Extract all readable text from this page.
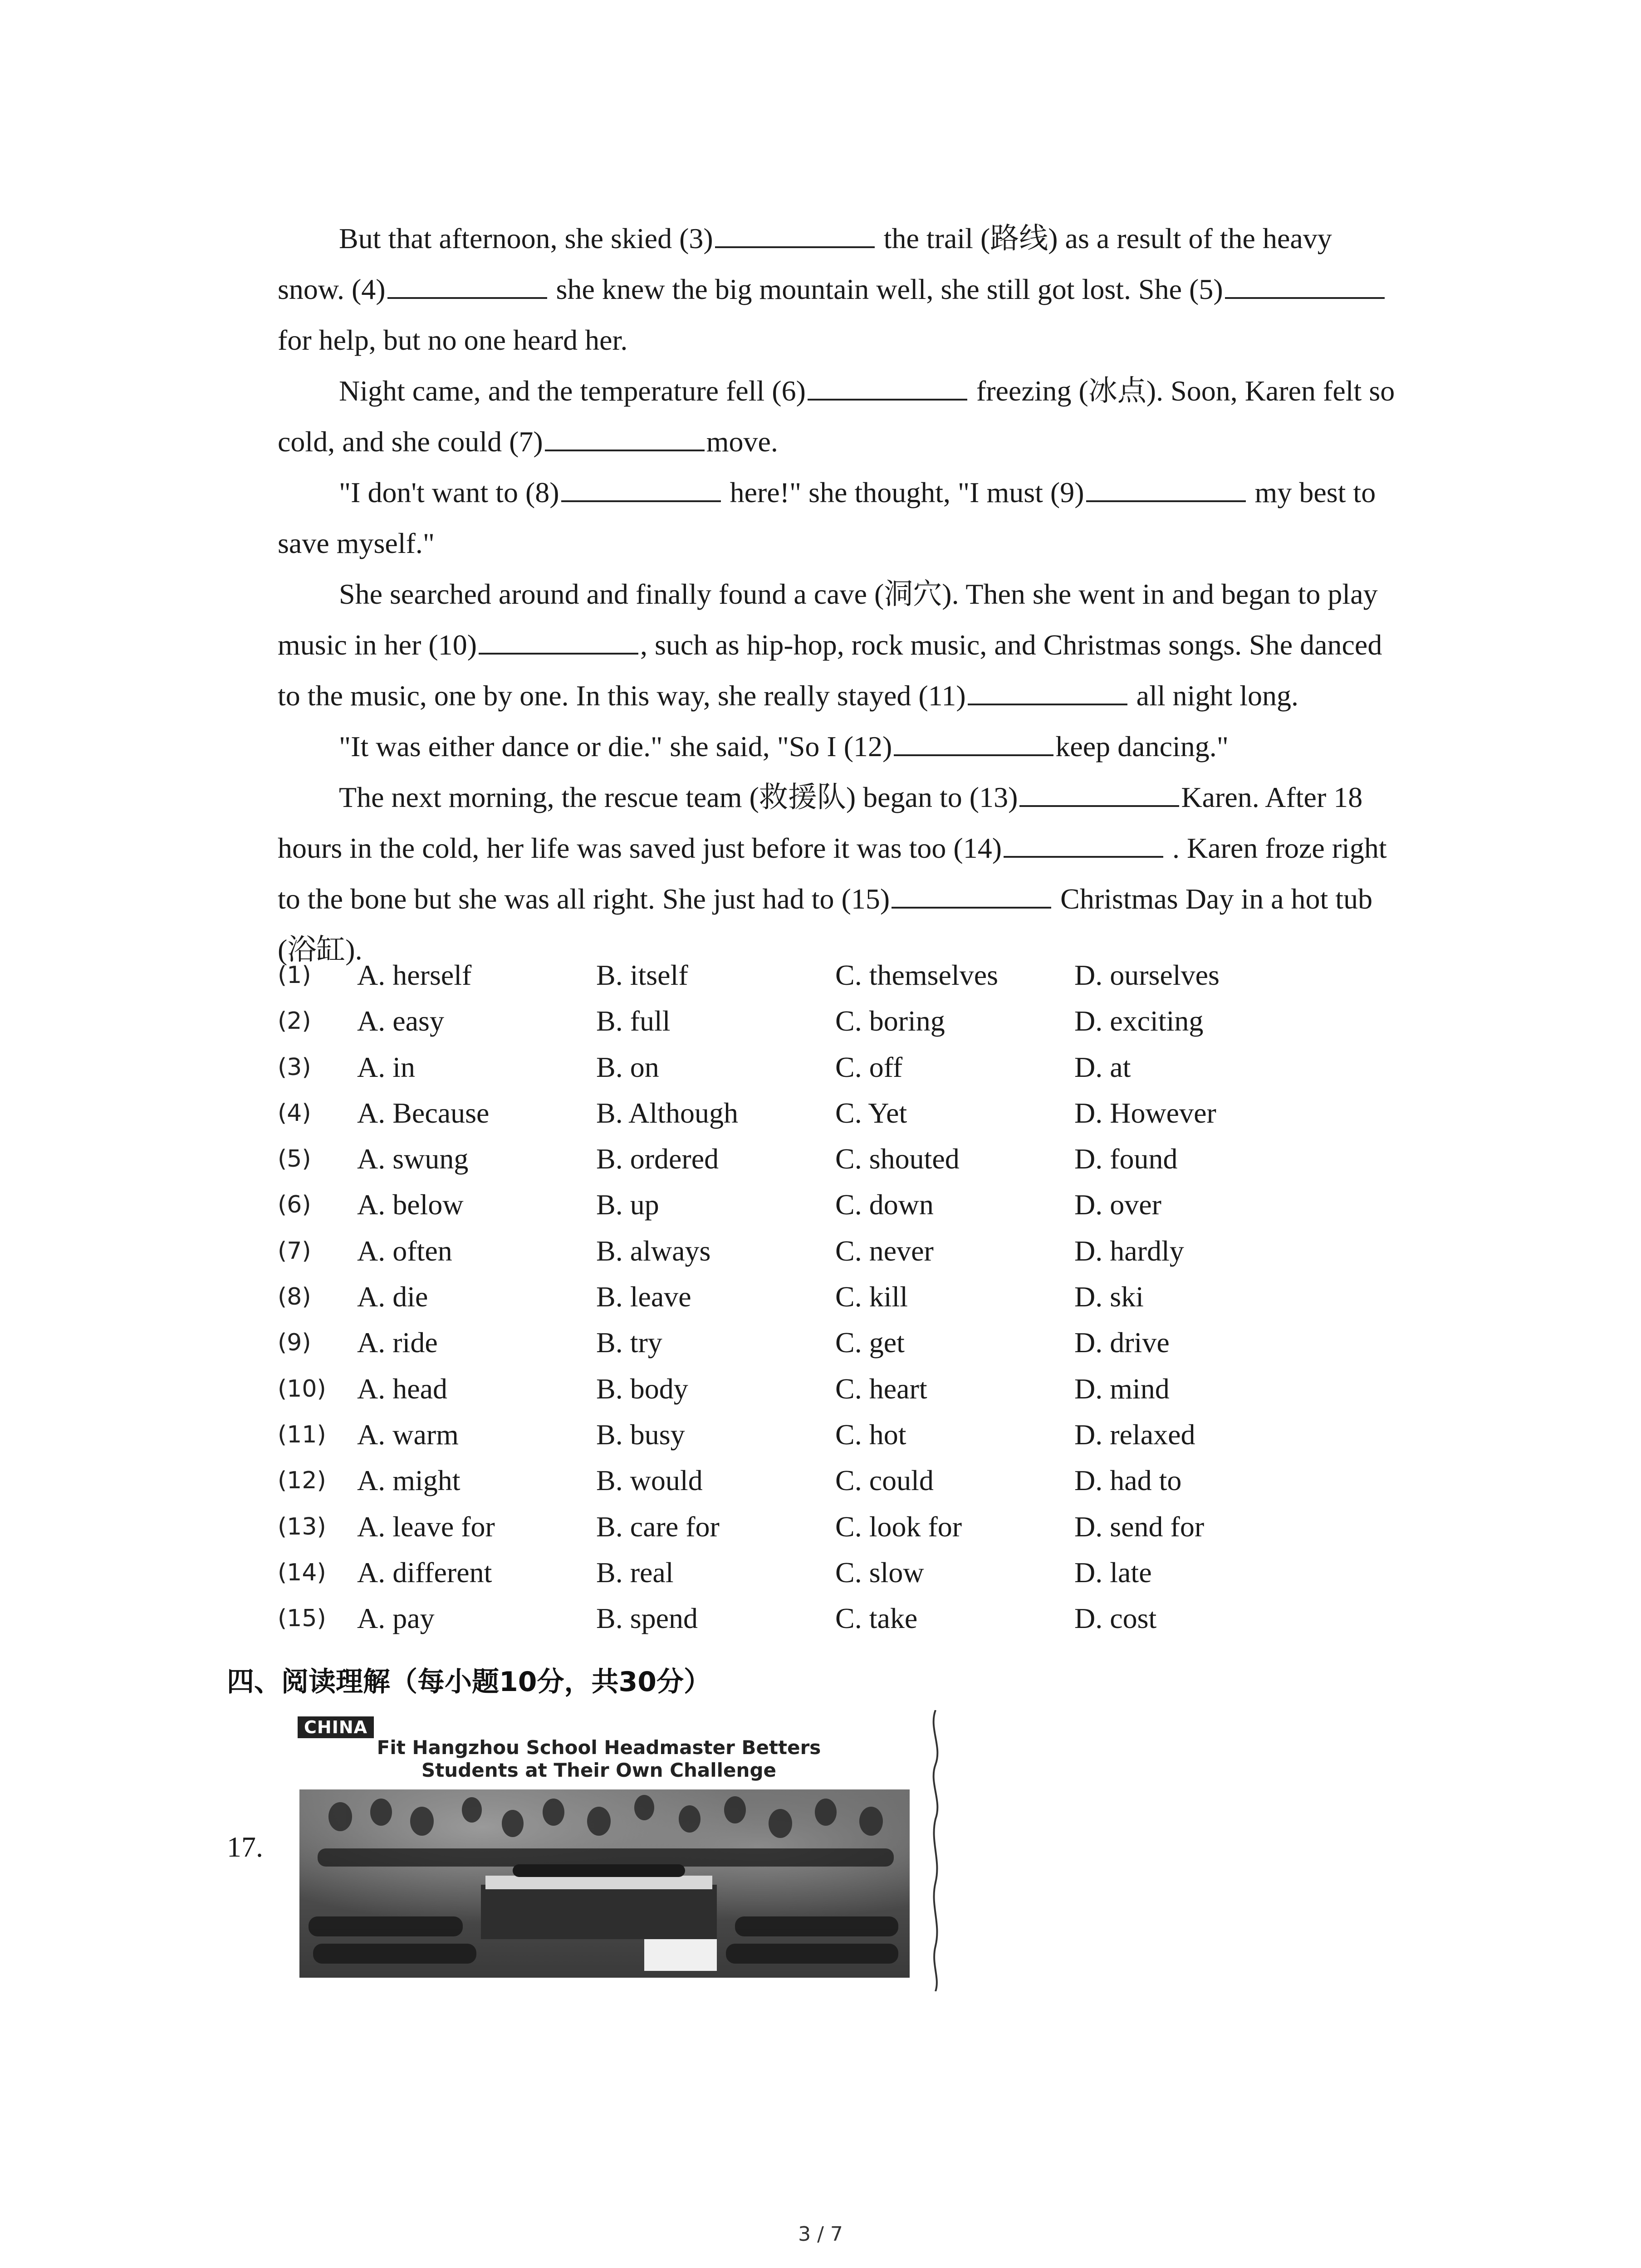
But that afternoon, she skied (3)	the trail (路线) as a result of the heavy
snow. (4)	she knew the big mountain well, she still got lost. She (5)
for help, but no one heard her.
Night came, and the temperature fell (6)	freezing (冰点). Soon, Karen felt so
cold, and she could (7)	move.
"I don't want to (8)	here!" she thought, "I must (9)	my best to
save myself."
She searched around and finally found a cave (洞穴). Then she went in and began to play
music in her (10)	, such as hip-hop, rock music, and Christmas songs. She danced
to the music, one by one. In this way, she really stayed (11)	all night long.
"It was either dance or die." she said, "So I (12)	keep dancing."
The next morning, the rescue team (救援队) began to (13)	Karen. After 18
hours in the cold, her life was saved just before it was too (14)	. Karen froze right
to the bone but she was all right. She just had to (15)	Christmas Day in a hot tub
(浴缸).
(1) A. herself	B. itself	C. themselves	D. ourselves
(2) A. easy	B. full	C. boring	D. exciting
(3) A. in	B. on	C. off	D. at
(4) A. Because	B. Although	C. Yet	D. However
(5) A. swung	B. ordered	C. shouted	D. found
(6) A. below	B. up	C. down	D. over
(7) A. often	B. always	C. never	D. hardly
(8) A. die	B. leave	C. kill	D. ski
(9) A. ride	B. try	C. get	D. drive
(10) A. head	B. body	C. heart	D. mind
(11) A. warm	B. busy	C. hot	D. relaxed
(12) A. might	B. would	C. could	D. had to
(13) A. leave for	B. care for	C. look for	D. send for
(14) A. different	B. real	C. slow	D. late
(15) A. pay	B. spend	C. take	D. cost
四、阅读理解（每小题10分，共30分）
17.
CHINA
Fit Hangzhou School Headmaster Betters
Students at Their Own Challenge
3 / 7
